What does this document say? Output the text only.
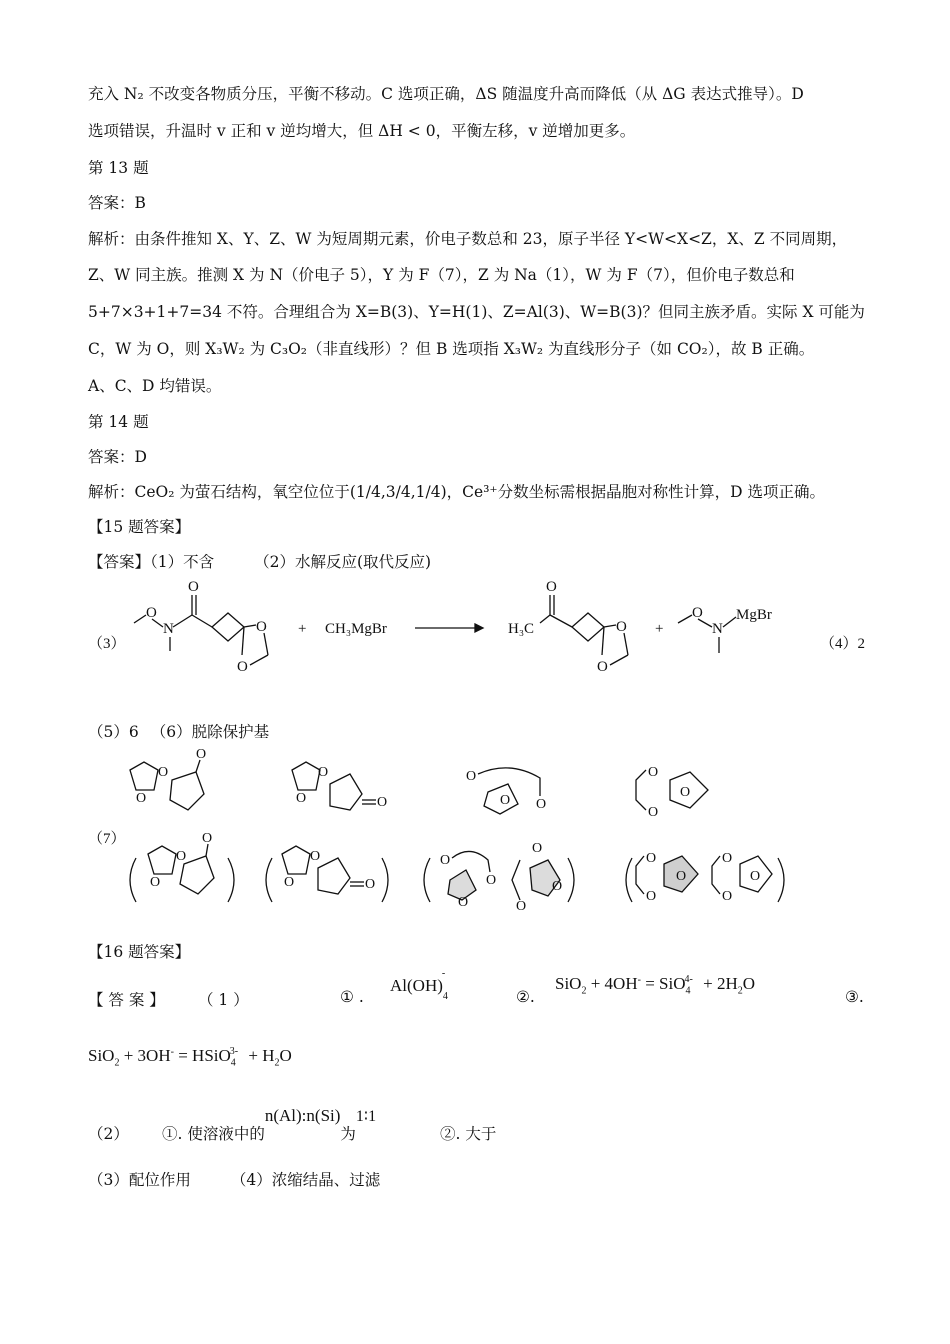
充入 N₂ 不改变各物质分压，平衡不移动。C 选项正确，ΔS 随温度升高而降低（从 ΔG 表达式推导）。D
选项错误，升温时 v 正和 v 逆均增大，但 ΔH < 0，平衡左移，v 逆增加更多。
第 13 题
答案：B
解析：由条件推知 X、Y、Z、W 为短周期元素，价电子数总和 23，原子半径 Y<W<X<Z，X、Z 不同周期，
Z、W 同主族。推测 X 为 N（价电子 5），Y 为 F（7），Z 为 Na（1），W 为 F（7），但价电子数总和
5+7×3+1+7=34 不符。合理组合为 X=B(3)、Y=H(1)、Z=Al(3)、W=B(3)？但同主族矛盾。实际 X 可能为
C，W 为 O，则 X₃W₂ 为 C₃O₂（非直线形）？但 B 选项指 X₃W₂ 为直线形分子（如 CO₂），故 B 正确。
A、C、D 均错误。
第 14 题
答案：D
解析：CeO₂ 为萤石结构，氧空位位于(1/4,3/4,1/4)，Ce³⁺分数坐标需根据晶胞对称性计算，D 选项正确。
【15 题答案】
【答案】（1）不含	（2）水解反应(取代反应)
（3）
O
N
O
O
O
+ CH₃MgBr	H₃C
O
O
O
+
O
N
MgBr
（4）2
（5）6 （6）脱除保护基
（7）
O
O
O
O
O	O
O
O
O
O
O
O
O
O
O
O
O	O
O
O
O
O
O
O
O
O
O
O
O
O
【16 题答案】
【 答 案 】 （ 1 ）	① .
$Al(OH)_4^-$
②.
$SiO_2 + 4OH^- = SiO_4^{4-} + 2H_2O$
③.
SiO$_2$ + 3OH- = HSiO$_4^{3-}$ + $H_2O$
（2） ①. 使溶液中的n(Al):n(Si)为1∶1
②. 大于
（3）配位作用	（4）浓缩结晶、过滤
